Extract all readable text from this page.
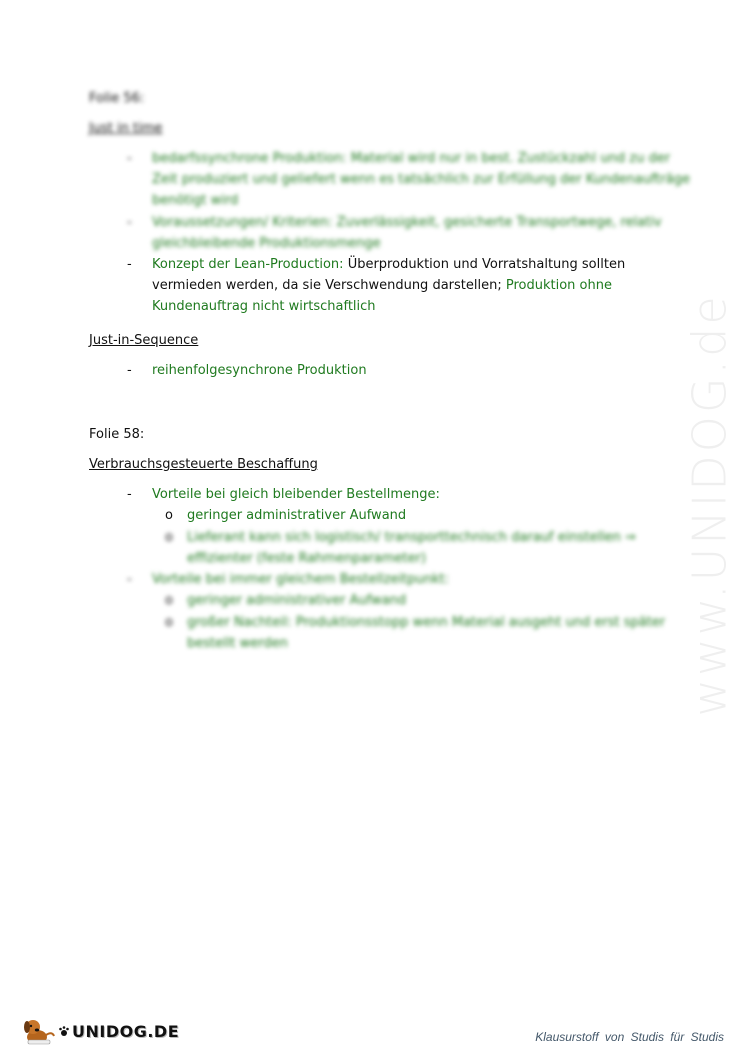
www.UNIDOG.de
Folie 56:
Just in time
-	bedarfssynchrone Produktion: Material wird nur in best. Zustückzahl und zu der
Zeit produziert und geliefert wenn es tatsächlich zur Erfüllung der Kundenaufträge
benötigt wird
-	Voraussetzungen/ Kriterien: Zuverlässigkeit, gesicherte Transportwege, relativ
gleichbleibende Produktionsmenge
-	Konzept der Lean-Production: Überproduktion und Vorratshaltung sollten
vermieden werden, da sie Verschwendung darstellen; Produktion ohne
Kundenauftrag nicht wirtschaftlich
Just-in-Sequence
-	reihenfolgesynchrone Produktion
Folie 58:
Verbrauchsgesteuerte Beschaffung
-	Vorteile bei gleich bleibender Bestellmenge:
o geringer administrativer Aufwand
o Lieferant kann sich logistisch/ transporttechnisch darauf einstellen ⇒
effizienter (feste Rahmenparameter)
-	Vorteile bei immer gleichem Bestellzeitpunkt:
o geringer administrativer Aufwand
o großer Nachteil: Produktionsstopp wenn Material ausgeht und erst später
bestellt werden
UNIDOG.DE	Klausurstoff von Studis für Studis
